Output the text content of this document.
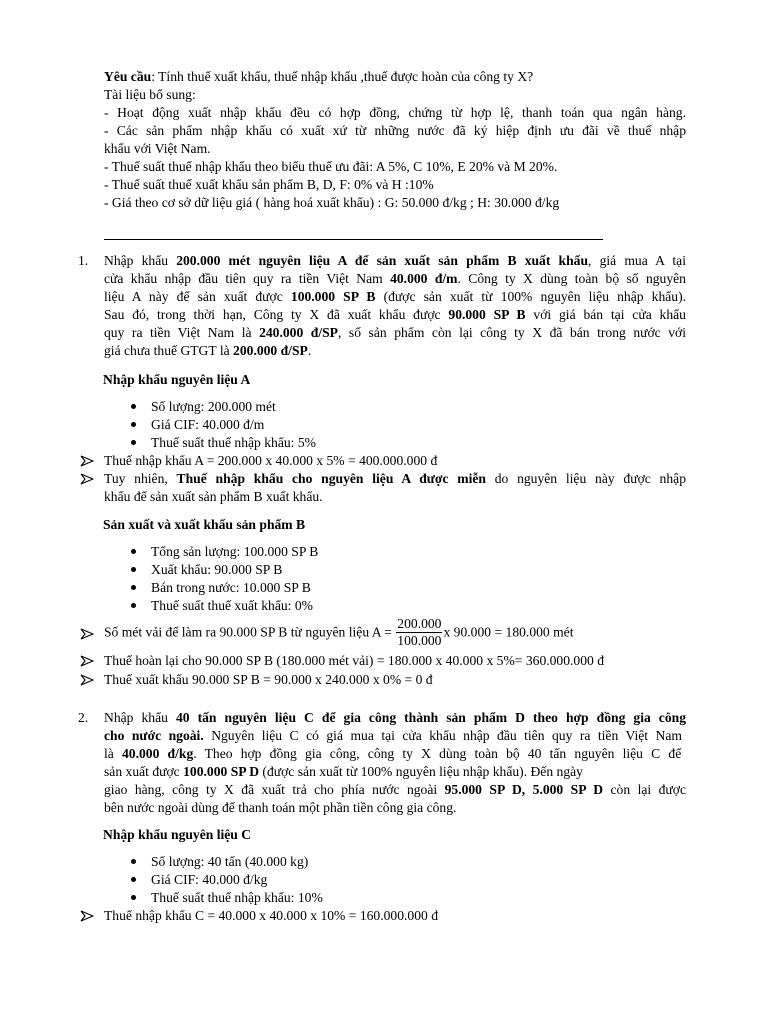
Yêu cầu: Tính thuế xuất khẩu, thuế nhập khẩu ,thuế được hoàn của công ty X?
Tài liệu bổ sung:
- Hoạt động xuất nhập khẩu đều có hợp đồng, chứng từ hợp lệ, thanh toán qua ngân hàng.
- Các sản phẩm nhập khẩu có xuất xứ từ những nước đã ký hiệp định ưu đãi về thuế nhập
khẩu với Việt Nam.
- Thuế suất thuế nhập khẩu theo biểu thuế ưu đãi: A 5%, C 10%, E 20% và M 20%.
- Thuế suất thuế xuất khẩu sản phẩm B, D, F: 0% và H :10%
- Giá theo cơ sở dữ liệu giá ( hàng hoá xuất khẩu) : G: 50.000 đ/kg ; H: 30.000 đ/kg
1. Nhập khẩu 200.000 mét nguyên liệu A để sản xuất sản phẩm B xuất khẩu, giá mua A tại
cửa khẩu nhập đầu tiên quy ra tiền Việt Nam 40.000 đ/m. Công ty X dùng toàn bộ số nguyên
liệu A này để sản xuất được 100.000 SP B (được sản xuất từ 100% nguyên liệu nhập khẩu).
Sau đó, trong thời hạn, Công ty X đã xuất khẩu được 90.000 SP B với giá bán tại cửa khẩu
quy ra tiền Việt Nam là 240.000 đ/SP, số sản phẩm còn lại công ty X đã bán trong nước với
giá chưa thuế GTGT là 200.000 đ/SP.
Nhập khẩu nguyên liệu A
Số lượng: 200.000 mét
Giá CIF: 40.000 đ/m
Thuế suất thuế nhập khẩu: 5%
Thuế nhập khẩu A = 200.000 x 40.000 x 5% = 400.000.000 đ
Tuy nhiên, Thuế nhập khẩu cho nguyên liệu A được miễn do nguyên liệu này được nhập
khẩu để sản xuất sản phẩm B xuất khẩu.
Sản xuất và xuất khẩu sản phẩm B
Tổng sản lượng: 100.000 SP B
Xuất khẩu: 90.000 SP B
Bán trong nước: 10.000 SP B
Thuế suất thuế xuất khẩu: 0%
Số mét vải để làm ra 90.000 SP B từ nguyên liệu $A = \frac{200.000}{100.000}$ x 90.000 = 180.000 mét
Thuế hoàn lại cho 90.000 SP B (180.000 mét vải) = 180.000 x 40.000 x 5%= 360.000.000 đ
Thuế xuất khẩu 90.000 SP B = 90.000 x 240.000 x 0% = 0 đ
2. Nhập khẩu 40 tấn nguyên liệu C để gia công thành sản phẩm D theo hợp đồng gia công
cho nước ngoài. Nguyên liệu C có giá mua tại cửa khẩu nhập đầu tiên quy ra tiền Việt Nam
là 40.000 đ/kg. Theo hợp đồng gia công, công ty X dùng toàn bộ 40 tấn nguyên liệu C để
sản xuất được 100.000 SP D (được sản xuất từ 100% nguyên liệu nhập khẩu). Đến ngày
giao hàng, công ty X đã xuất trả cho phía nước ngoài 95.000 SP D, 5.000 SP D còn lại được
bên nước ngoài dùng để thanh toán một phần tiền công gia công.
Nhập khẩu nguyên liệu C
Số lượng: 40 tấn (40.000 kg)
Giá CIF: 40.000 đ/kg
Thuế suất thuế nhập khẩu: 10%
Thuế nhập khẩu C = 40.000 x 40.000 x 10% = 160.000.000 đ
